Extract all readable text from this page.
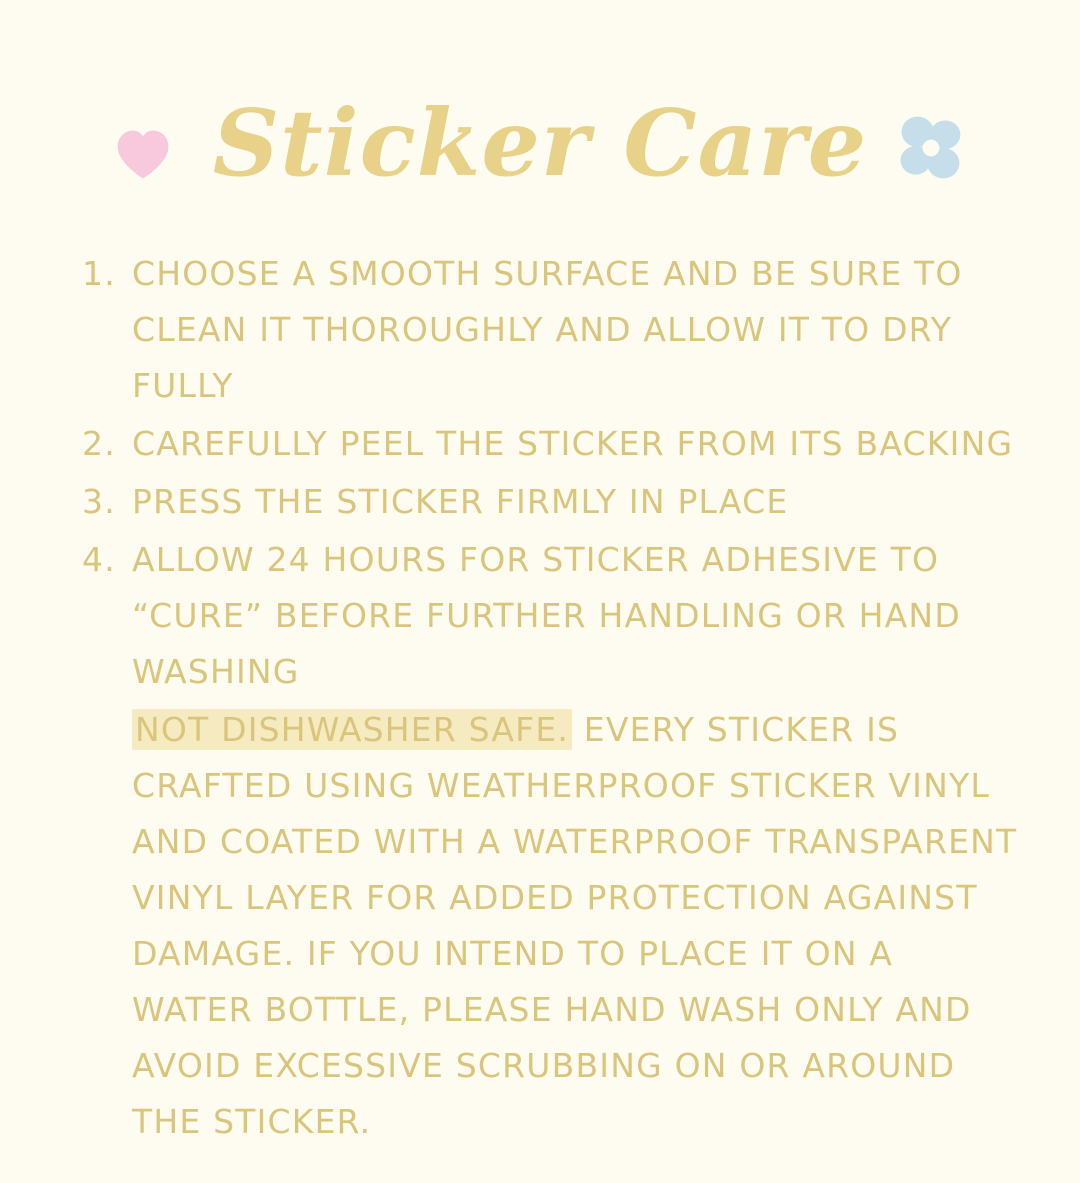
Sticker Care
1. CHOOSE A SMOOTH SURFACE AND BE SURE TO CLEAN IT THOROUGHLY AND ALLOW IT TO DRY FULLY
2. CAREFULLY PEEL THE STICKER FROM ITS BACKING
3. PRESS THE STICKER FIRMLY IN PLACE
4. ALLOW 24 HOURS FOR STICKER ADHESIVE TO “CURE” BEFORE FURTHER HANDLING OR HAND WASHING

NOT DISHWASHER SAFE. EVERY STICKER IS CRAFTED USING WEATHERPROOF STICKER VINYL AND COATED WITH A WATERPROOF TRANSPARENT VINYL LAYER FOR ADDED PROTECTION AGAINST DAMAGE. IF YOU INTEND TO PLACE IT ON A WATER BOTTLE, PLEASE HAND WASH ONLY AND AVOID EXCESSIVE SCRUBBING ON OR AROUND THE STICKER.
